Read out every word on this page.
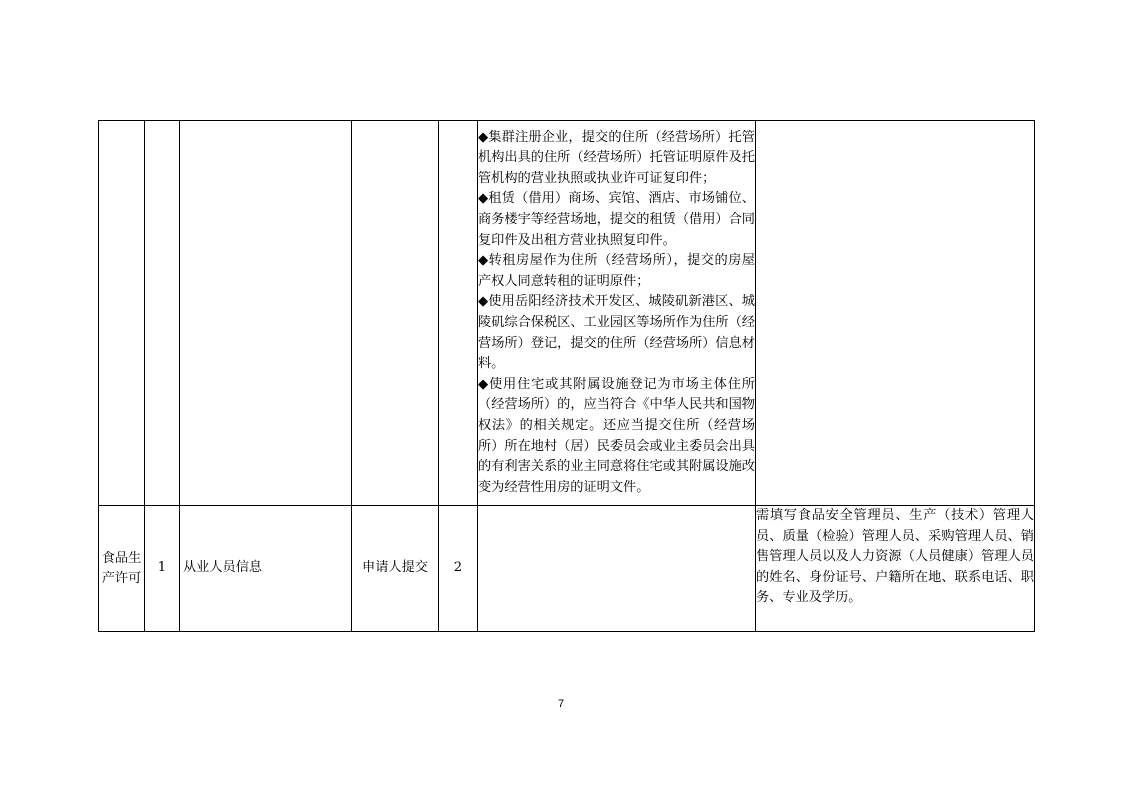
					◆集群注册企业，提交的住所（经营场所）托管机构出具的住所（经营场所）托管证明原件及托管机构的营业执照或执业许可证复印件；
◆租赁（借用）商场、宾馆、酒店、市场铺位、商务楼宇等经营场地，提交的租赁（借用）合同复印件及出租方营业执照复印件。
◆转租房屋作为住所（经营场所），提交的房屋产权人同意转租的证明原件；
◆使用岳阳经济技术开发区、城陵矶新港区、城陵矶综合保税区、工业园区等场所作为住所（经营场所）登记，提交的住所（经营场所）信息材料。
◆使用住宅或其附属设施登记为市场主体住所（经营场所）的，应当符合《中华人民共和国物权法》的相关规定。还应当提交住所（经营场所）所在地村（居）民委员会或业主委员会出具的有利害关系的业主同意将住宅或其附属设施改变为经营性用房的证明文件。	

食品生产许可	1	从业人员信息	申请人提交	2		需填写食品安全管理员、生产（技术）管理人员、质量（检验）管理人员、采购管理人员、销售管理人员以及人力资源（人员健康）管理人员的姓名、身份证号、户籍所在地、联系电话、职务、专业及学历。
7
